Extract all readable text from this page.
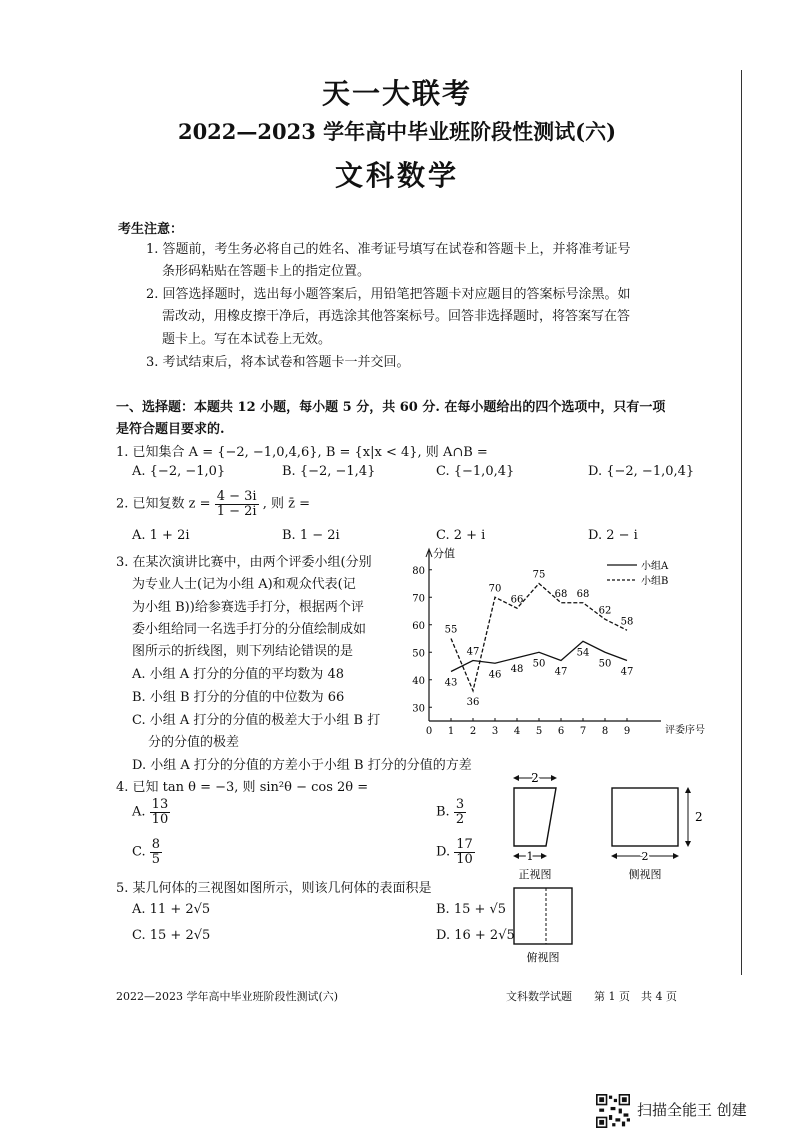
天一大联考
2022—2023 学年高中毕业班阶段性测试(六)
文科数学
考生注意：
1. 答题前，考生务必将自己的姓名、准考证号填写在试卷和答题卡上，并将准考证号
条形码粘贴在答题卡上的指定位置。
2. 回答选择题时，选出每小题答案后，用铅笔把答题卡对应题目的答案标号涂黑。如
需改动，用橡皮擦干净后，再选涂其他答案标号。回答非选择题时，将答案写在答
题卡上。写在本试卷上无效。
3. 考试结束后，将本试卷和答题卡一并交回。
一、选择题：本题共 12 小题，每小题 5 分，共 60 分. 在每小题给出的四个选项中，只有一项
是符合题目要求的.
1. 已知集合 A = {−2, −1,0,4,6}, B = {x|x < 4}, 则 A∩B =
A. {−2, −1,0}	B. {−2, −1,4}	C. {−1,0,4}	D. {−2, −1,0,4}
2. 已知复数 $z = \frac{4 - 3i}{1 - 2i}$ , 则 z̄ =
A. 1 + 2i	B. 1 − 2i	C. 2 + i	D. 2 − i
3. 在某次演讲比赛中，由两个评委小组(分别
为专业人士(记为小组 A)和观众代表(记
为小组 B))给参赛选手打分，根据两个评
委小组给同一名选手打分的分值绘制成如
图所示的折线图，则下列结论错误的是
A. 小组 A 打分的分值的平均数为 48
B. 小组 B 打分的分值的中位数为 66
C. 小组 A 打分的分值的极差大于小组 B 打
分的分值的极差
D. 小组 A 打分的分值的方差小于小组 B 打分的分值的方差
分值
评委序号
30
40
50
60
70
80
0 1 2 3 4 5 6 7 8 9
43
47
46 48 50
47
54
50
47
55
36
70
66
75
68 68
62
58
小组A
小组B
4. 已知 tan θ = −3, 则 sin²θ − cos 2θ =
A. $\frac{13}{10}$	B. $\frac{3}{2}$
C. $\frac{8}{5}$	D. $\frac{17}{10}$
5. 某几何体的三视图如图所示，则该几何体的表面积是
A. 11 + 2√5	B. 15 + √5
C. 15 + 2√5	D. 16 + 2√5
2
1
正视图
2
2
侧视图
俯视图
2022—2023 学年高中毕业班阶段性测试(六)	文科数学试题　　第 1 页　共 4 页
扫描全能王 创建
